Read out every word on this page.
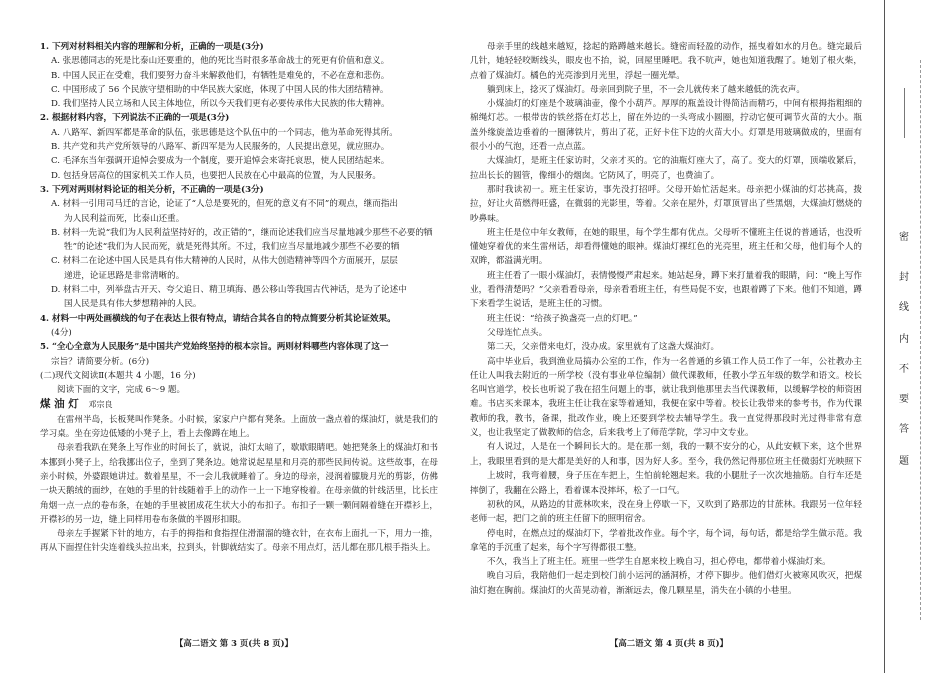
1. 下列对材料相关内容的理解和分析，正确的一项是(3分)

A. 张思德同志的死是比泰山还要重的，他的死比当时很多革命战士的死更有价值和意义。

B. 中国人民正在受难，我们要努力奋斗来解救他们，有牺牲是难免的，不必在意和悲伤。

C. 中国形成了 56 个民族守望相助的中华民族大家庭，体现了中国人民的伟大团结精神。

D. 我们坚持人民立场和人民主体地位，所以今天我们更有必要传承伟大民族的伟大精神。

2. 根据材料内容，下列说法不正确的一项是(3分)

A. 八路军、新四军都是革命的队伍，张思德是这个队伍中的一个同志，他为革命死得其所。

B. 共产党和共产党所领导的八路军、新四军是为人民服务的，人民提出意见，就应照办。

C. 毛泽东当年强调开追悼会要成为一个制度，要开追悼会来寄托哀思，使人民团结起来。

D. 包括身居高位的国家机关工作人员，也要把人民放在心中最高的位置，为人民服务。

3. 下列对两则材料论证的相关分析，不正确的一项是(3分)

A. 材料一引用司马迁的言论，论证了“人总是要死的，但死的意义有不同”的观点，继而指出

为人民利益而死，比泰山还重。

B. 材料一先说“我们为人民利益坚持好的，改正错的”，继而论述我们应当尽量地减少那些不必要的牺

牲”的论述“我们为人民而死，就是死得其所。不过，我们应当尽量地减少那些不必要的牺

C. 材料二在论述中国人民是具有伟大精神的人民时，从伟大创造精神等四个方面展开，层层

递进，论证思路是非常清晰的。

D. 材料二中，列举盘古开天、夸父追日、精卫填海、愚公移山等我国古代神话，是为了论述中

国人民是具有伟大梦想精神的人民。

4. 材料一中两处画横线的句子在表达上很有特点，请结合其各自的特点简要分析其论证效果。

(4分)

5. “全心全意为人民服务”是中国共产党始终坚持的根本宗旨。两则材料哪些内容体现了这一

宗旨？请简要分析。(6分)

(二)现代文阅读Ⅱ(本题共 4 小题，16 分)

阅读下面的文字，完成 6～9 题。

煤 油 灯 邓宗良

在雷州半岛，长板凳叫作凳条。小时候，家家户户都有凳条。上面放一盏点着的煤油灯，就是我们的学习桌。坐在旁边低矮的小凳子上，看上去像蹲在地上。

母亲看我趴在凳条上写作业的时间长了，就说，油灯太暗了，歇歇眼睛吧。她把凳条上的煤油灯和书本挪到小凳子上，给我挪出位子，坐到了凳条边。她常说起星星和月亮的那些民间传说。这些故事，在母亲小时候，外婆跟她讲过。数着星星，不一会儿我就睡着了。身边的母亲，浸润着朦胧月光的剪影，仿佛一块天鹅绒的面纱，在她的手里的针线随着手上的动作一上一下地穿梭着。在母亲做的针线活里，比长庄角烟一点一点的卷布条，在她的手里被团成花生状大小的布扣子。布扣子一颗一颗间隔着缝在开襟衫上，开襟衫的另一边，缝上同样用卷布条做的半圆形扣眼。

母亲左手握紧下针的地方，右手的拇指和食指捏住滑溜溜的缝衣针，在衣布上面扎一下，用力一推，再从下面捏住针尖连着线头拉出来，拉到头，针脚就结实了。母亲不用点灯，活儿都在那几根手指头上。

【高二语文 第 3 页(共 8 页)】

母亲手里的线越来越短，捻起的路蹲越来越长。缝密而轻盈的动作，摇曳着如水的月色。缝完最后几针，她轻轻咬断线头，眼皮也不抬，说，回屋里睡吧。我不吭声，她也知道我醒了。她划了根火柴，点着了煤油灯。橘色的光亮渗到月光里，浮起一圈光晕。

躺到床上，捻灭了煤油灯。母亲回到院子里，不一会儿就传来了越来越低的洗衣声。

小煤油灯的灯座是个玻璃油壶，像个小葫芦。厚厚的瓶盖设计得简洁而精巧，中间有根拇指粗细的棉绳灯芯。一根带齿的铁丝搭在灯芯上，留在外边的一头弯成小圆圈，拧动它便可调节火苗的大小。瓶盖外缘旋盖边垂着的一圈薄铁片，剪出了花，正好卡住下边的火苗大小。灯罩是用玻璃做成的，里面有很小小的气泡，还看一点点蓝。

大煤油灯，是班主任家访时，父亲才买的。它的油瓶灯座大了，高了。变大的灯罩，顶端收紧后，拉出长长的圆管，像细小的烟囱。它防风了，明亮了，也费油了。

那时我读初一。班主任家访，事先没打招呼。父母开始忙活起来。母亲把小煤油的灯芯挑高，拨拉，好让火苗燃得旺盛，在微弱的光影里，等着。父亲在屋外，灯罩顶冒出了些黑烟，大煤油灯燃烧的吵鼻味。

班主任是位中年女教师，在她的眼里，每个学生都有优点。父母听不懂班主任说的普通话，也没听懂她穿着优的来生雷州话，却看得懂她的眼神。煤油灯裸红色的光亮里，班主任和父母，他们每个人的双眸，都溢满光明。

班主任看了一眼小煤油灯，表情慢慢严肃起来。她站起身，蹲下来打量着我的眼睛，问：“晚上写作业，看得清楚吗？”父亲看看母亲，母亲看看班主任，有些局促不安，也跟着蹲了下来。他们不知道，蹲下来看学生说话，是班主任的习惯。

班主任说：“给孩子换盏亮一点的灯吧。”

父母连忙点头。

第二天，父亲借来电灯，没办成。家里就有了这盏大煤油灯。

高中毕业后，我到渔业局搞办公室的工作，作为一名普通的乡镇工作人员工作了一年，公社教办主任让人叫我去附近的一所学校（没有事业单位编制）做代课教师，任教小学五年级的数学和语文。校长名叫官道学，校长也听说了我在招生问题上的事，就让我到他那里去当代课教师，以缓解学校的师资困难。书店买来课本，我班主任让我在家等着通知，我便在家中等着。校长让我带来的参考书，作为代课教师的我，教书，备课，批改作业，晚上还要到学校去辅导学生。我一直觉得那段时光过得非常有意义，也让我坚定了做教师的信念，后来我考上了师范学院，学习中文专业。

有人说过，人是在一个瞬间长大的。是在那一刻，我的一颗不安分的心，从此安顿下来，这个世界上，我眼里看到的是大都是美好的人和事，因为好人多。至今，我仍然记得那位班主任微弱灯光映照下

上坡时，我弯着腰，身子压在车把上，生怕前轮翘起来。我的小腿肚子一次次地抽筋。自行车还是摔倒了，我翻在公路上，看着课本没摔坏，松了一口气。

初秋的风，从路边的甘蔗林吹来，没在身上停歇一下，又吹到了路那边的甘蔗林。我跟另一位年轻老师一起，把门之前的班主任留下的照明宿舍。

停电时，在燃点过的煤油灯下，学着批改作业。每个字，每个词，每句话，都是给学生做示范。我拿笔的手沉重了起来，每个字写得都很工整。

不久，我当上了班主任。班里一些学生自愿来校上晚自习，担心停电，都带着小煤油灯来。

晚自习后，我陪他们一起走到校门前小运河的涵洞桥，才停下脚步。他们借灯火被寒风吹灭，把煤油灯抱在胸前。煤油灯的火苗晃动着，渐渐远去，像几颗星星，消失在小镇的小巷里。

【高二语文 第 4 页(共 8 页)】
密
封
线
内
不
要
答
题
